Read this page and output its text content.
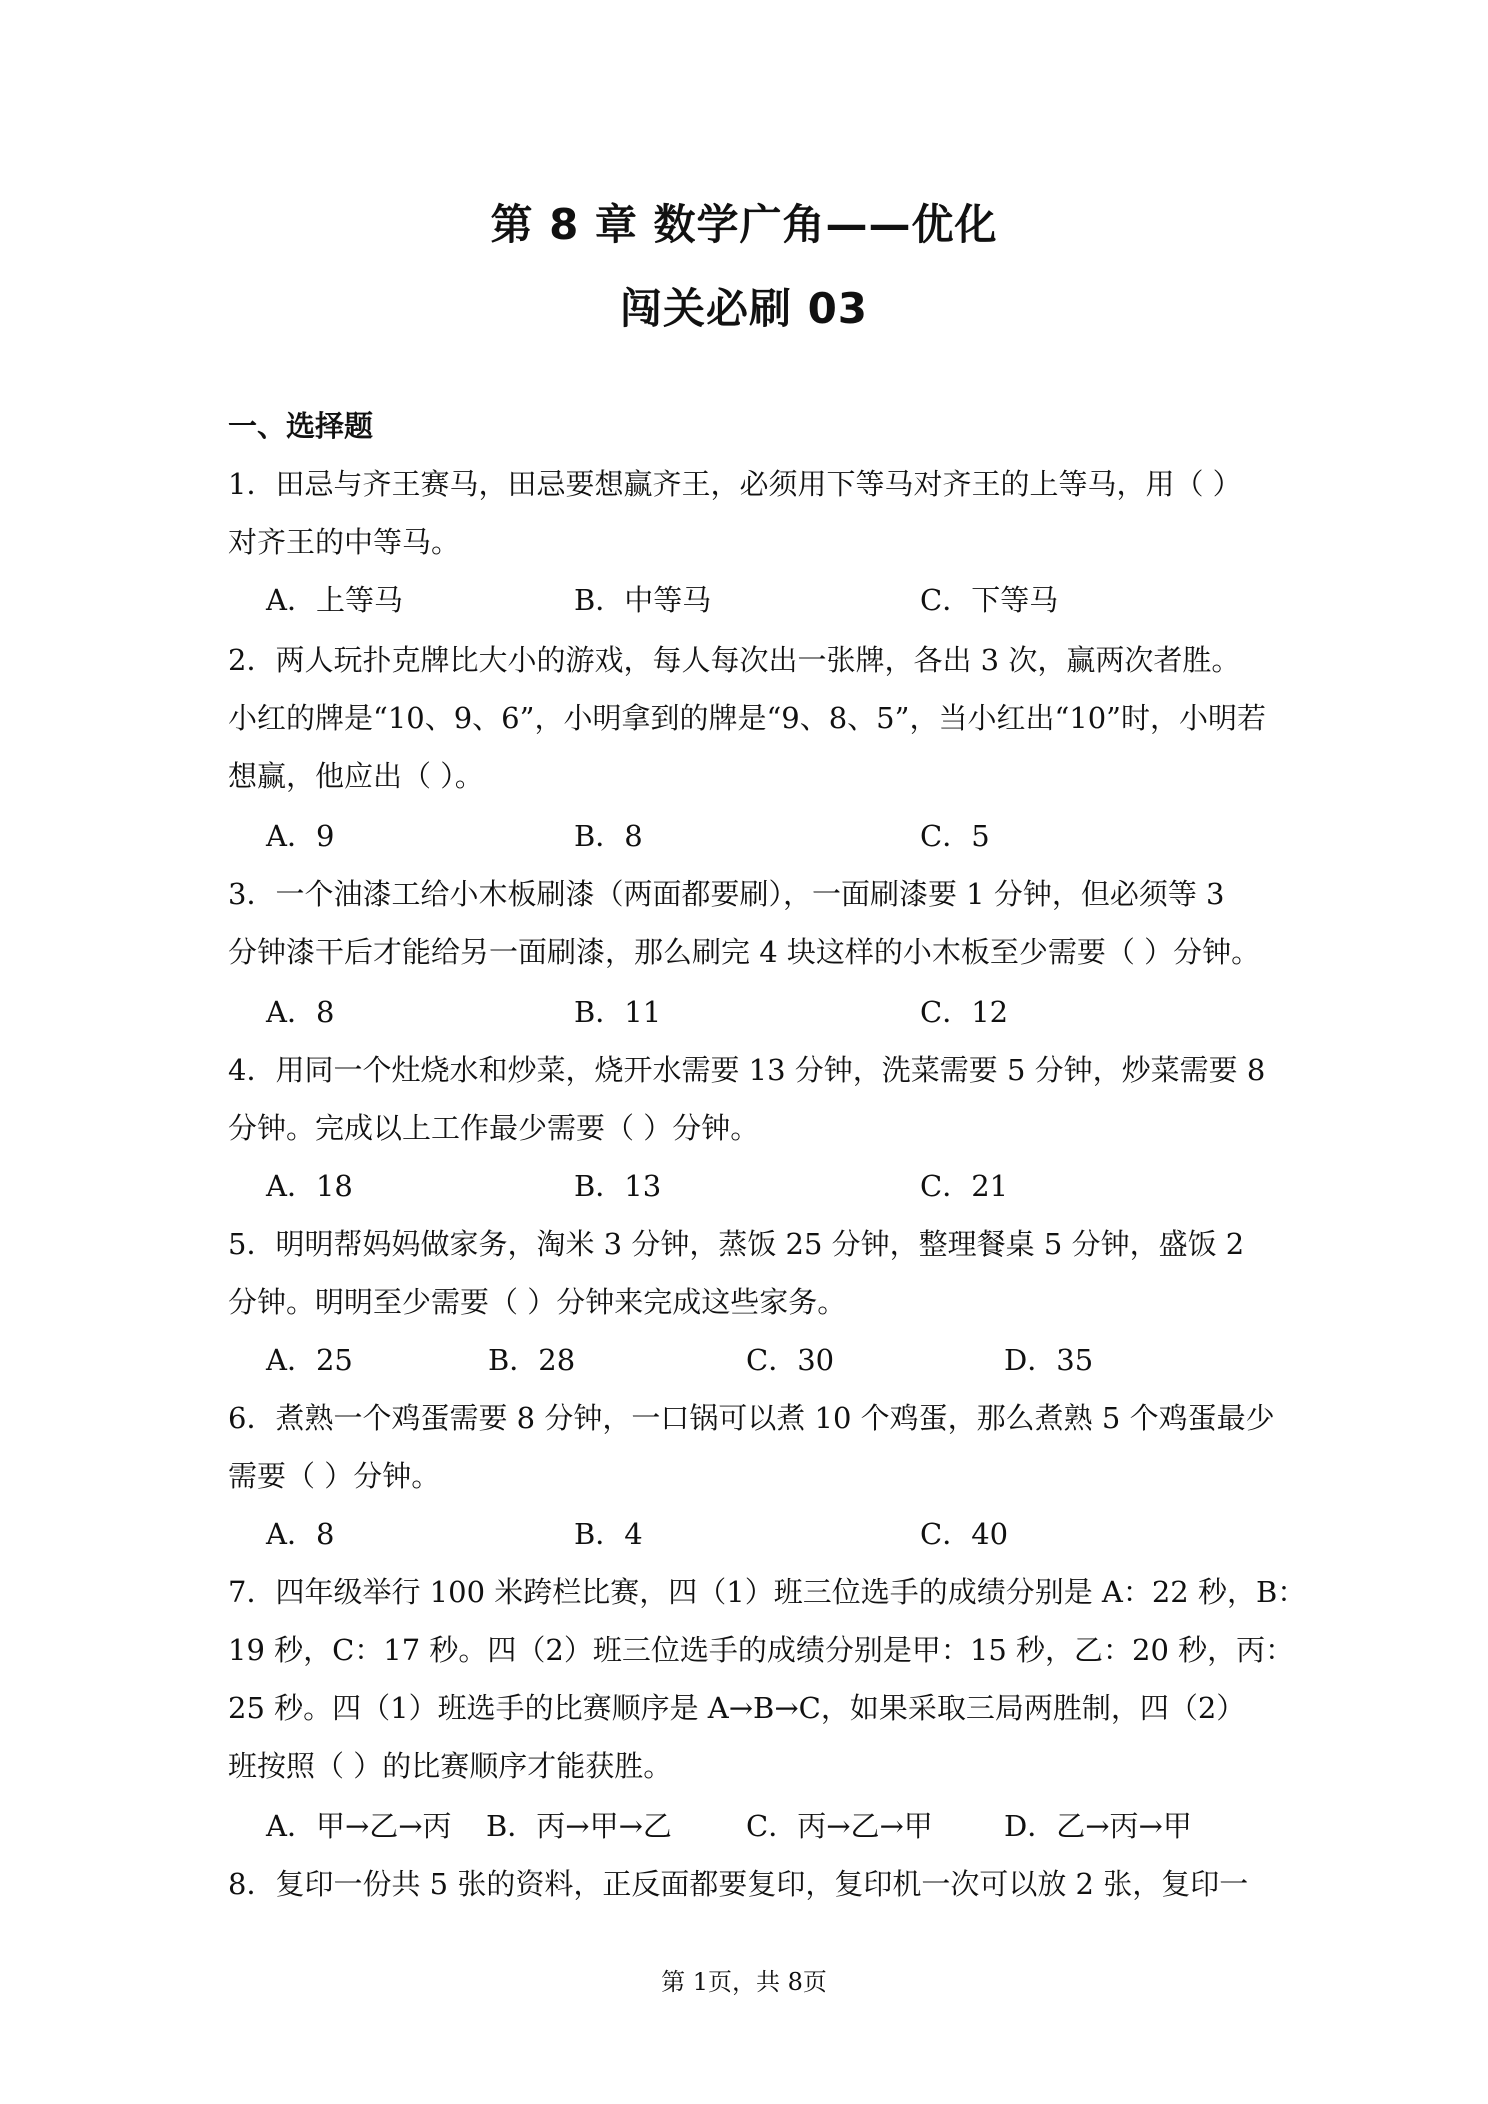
第 8 章 数学广角——优化
闯关必刷 03
一、选择题
1．田忌与齐王赛马，田忌要想赢齐王，必须用下等马对齐王的上等马，用（ ）
对齐王的中等马。
A．上等马	B．中等马	C．下等马
2．两人玩扑克牌比大小的游戏，每人每次出一张牌，各出 3 次，赢两次者胜。
小红的牌是“10、9、6”，小明拿到的牌是“9、8、5”，当小红出“10”时，小明若
想赢，他应出（ ）。
A．9	B．8	C．5
3．一个油漆工给小木板刷漆（两面都要刷），一面刷漆要 1 分钟，但必须等 3
分钟漆干后才能给另一面刷漆，那么刷完 4 块这样的小木板至少需要（ ）分钟。
A．8	B．11	C．12
4．用同一个灶烧水和炒菜，烧开水需要 13 分钟，洗菜需要 5 分钟，炒菜需要 8
分钟。完成以上工作最少需要（ ）分钟。
A．18	B．13	C．21
5．明明帮妈妈做家务，淘米 3 分钟，蒸饭 25 分钟，整理餐桌 5 分钟，盛饭 2
分钟。明明至少需要（ ）分钟来完成这些家务。
A．25	B．28	C．30	D．35
6．煮熟一个鸡蛋需要 8 分钟，一口锅可以煮 10 个鸡蛋，那么煮熟 5 个鸡蛋最少
需要（ ）分钟。
A．8	B．4	C．40
7．四年级举行 100 米跨栏比赛，四（1）班三位选手的成绩分别是 A：22 秒，B：
19 秒，C：17 秒。四（2）班三位选手的成绩分别是甲：15 秒，乙：20 秒，丙：
25 秒。四（1）班选手的比赛顺序是 A→B→C，如果采取三局两胜制，四（2）
班按照（ ）的比赛顺序才能获胜。
A．甲→乙→丙 B．丙→甲→乙	C．丙→乙→甲 D．乙→丙→甲
8．复印一份共 5 张的资料，正反面都要复印，复印机一次可以放 2 张，复印一
第 1页，共 8页
